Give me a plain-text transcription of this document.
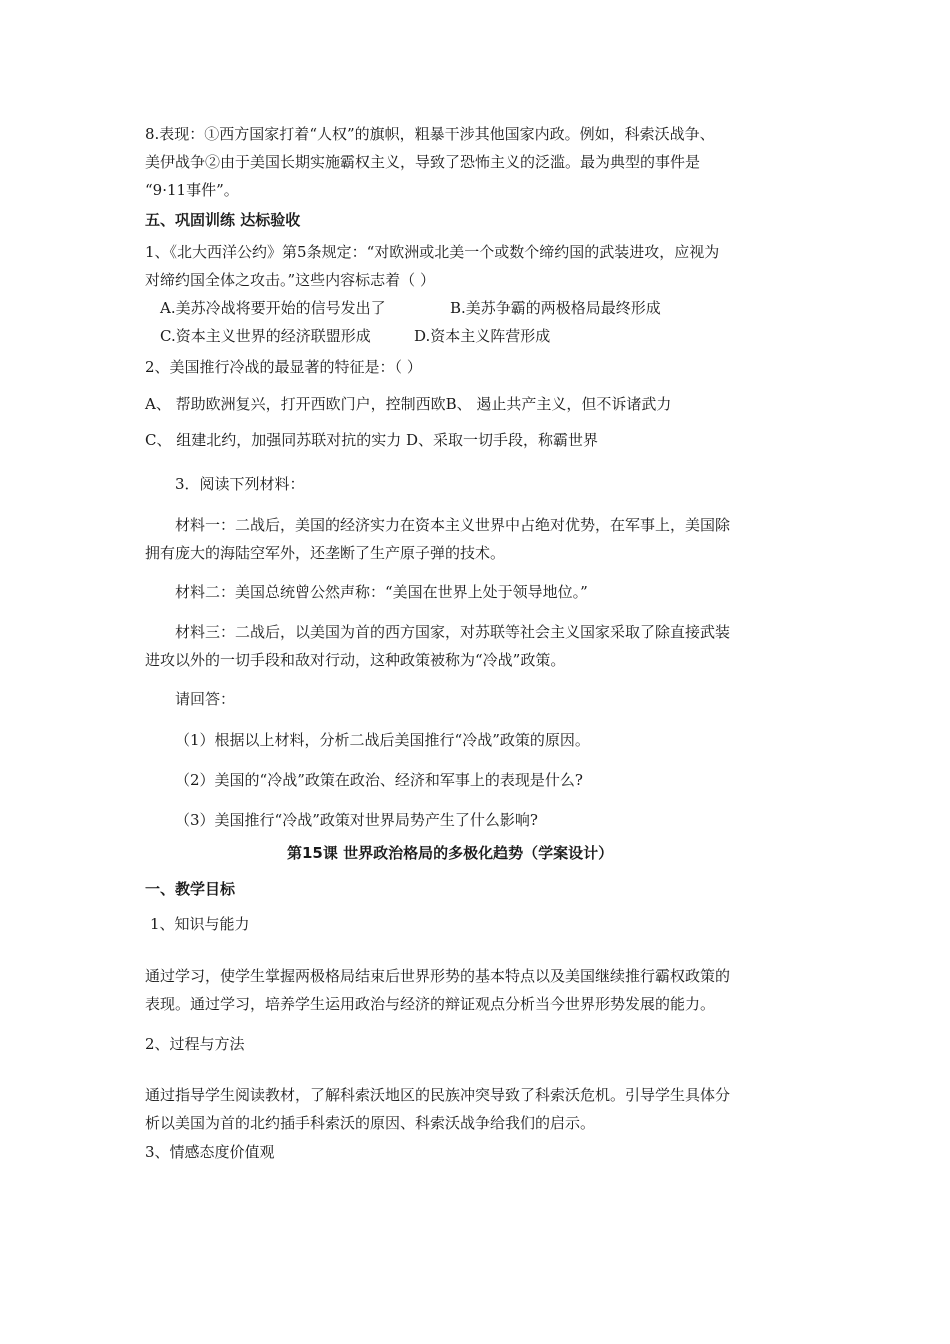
8.表现：①西方国家打着“人权”的旗帜，粗暴干涉其他国家内政。例如，科索沃战争、
美伊战争②由于美国长期实施霸权主义，导致了恐怖主义的泛滥。最为典型的事件是
“9·11事件”。
五、巩固训练 达标验收
1、《北大西洋公约》第5条规定：“对欧洲或北美一个或数个缔约国的武装进攻，应视为
对缔约国全体之攻击。”这些内容标志着（ ）
A.美苏冷战将要开始的信号发出了	B.美苏争霸的两极格局最终形成
C.资本主义世界的经济联盟形成	D.资本主义阵营形成
2、美国推行冷战的最显著的特征是：（ ）
A、 帮助欧洲复兴，打开西欧门户，控制西欧B、 遏止共产主义，但不诉诸武力
C、 组建北约，加强同苏联对抗的实力 D、采取一切手段，称霸世界
3．阅读下列材料：
材料一：二战后，美国的经济实力在资本主义世界中占绝对优势，在军事上，美国除
拥有庞大的海陆空军外，还垄断了生产原子弹的技术。
材料二：美国总统曾公然声称：“美国在世界上处于领导地位。”
材料三：二战后，以美国为首的西方国家，对苏联等社会主义国家采取了除直接武装
进攻以外的一切手段和敌对行动，这种政策被称为“冷战”政策。
请回答：
（1）根据以上材料，分析二战后美国推行“冷战”政策的原因。
（2）美国的“冷战”政策在政治、经济和军事上的表现是什么?
（3）美国推行“冷战”政策对世界局势产生了什么影响?
第15课 世界政治格局的多极化趋势（学案设计）
一、教学目标
1、知识与能力
通过学习，使学生掌握两极格局结束后世界形势的基本特点以及美国继续推行霸权政策的
表现。通过学习，培养学生运用政治与经济的辩证观点分析当今世界形势发展的能力。
2、过程与方法
通过指导学生阅读教材，了解科索沃地区的民族冲突导致了科索沃危机。引导学生具体分
析以美国为首的北约插手科索沃的原因、科索沃战争给我们的启示。
3、情感态度价值观
